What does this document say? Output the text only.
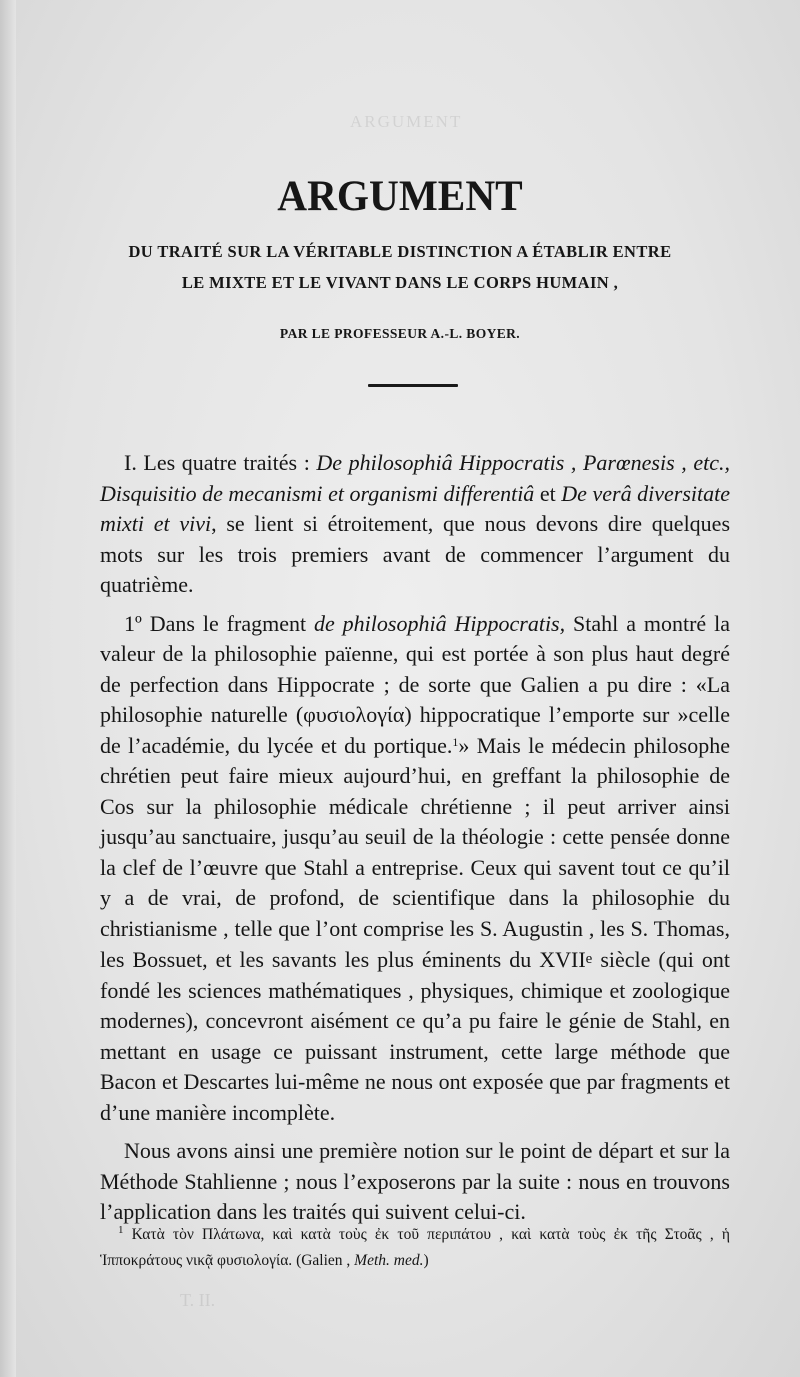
ARGUMENT
T. II.
ARGUMENT
DU TRAITÉ SUR LA VÉRITABLE DISTINCTION A ÉTABLIR ENTRE
LE MIXTE ET LE VIVANT DANS LE CORPS HUMAIN ,
PAR LE PROFESSEUR A.-L. BOYER.

I. Les quatre traités : De philosophiâ Hippocratis , Parœnesis , etc., Disquisitio de mecanismi et organismi differentiâ et De verâ diversitate mixti et vivi, se lient si étroitement, que nous devons dire quelques mots sur les trois premiers avant de commencer l’argument du quatrième.

1º Dans le fragment de philosophiâ Hippocratis, Stahl a montré la valeur de la philosophie païenne, qui est portée à son plus haut degré de perfection dans Hippocrate ; de sorte que Galien a pu dire : «La philosophie naturelle (φυσιολογία) hippocratique l’emporte sur »celle de l’académie, du lycée et du portique.$^1$» Mais le médecin philosophe chrétien peut faire mieux aujourd’hui, en greffant la philosophie de Cos sur la philosophie médicale chrétienne ; il peut arriver ainsi jusqu’au sanctuaire, jusqu’au seuil de la théologie : cette pensée donne la clef de l’œuvre que Stahl a entreprise. Ceux qui savent tout ce qu’il y a de vrai, de profond, de scientifique dans la philosophie du christianisme , telle que l’ont comprise les S. Augustin , les S. Thomas, les Bossuet, et les savants les plus éminents du XVIIe siècle (qui ont fondé les sciences mathématiques , physiques, chimique et zoologique modernes), concevront aisément ce qu’a pu faire le génie de Stahl, en mettant en usage ce puissant instrument, cette large méthode que Bacon et Descartes lui-même ne nous ont exposée que par fragments et d’une manière incomplète.

Nous avons ainsi une première notion sur le point de départ et sur la Méthode Stahlienne ; nous l’exposerons par la suite : nous en trouvons l’application dans les traités qui suivent celui-ci.

$^1$ Κατὰ τὸν Πλάτωνα, καὶ κατὰ τοὺς ἐκ τοῦ περιπάτου , καὶ κατὰ τοὺς ἐκ τῆς Στοᾶς , ἡ Ἱπποκράτους νικᾷ φυσιολογία. (Galien , Meth. med.)
